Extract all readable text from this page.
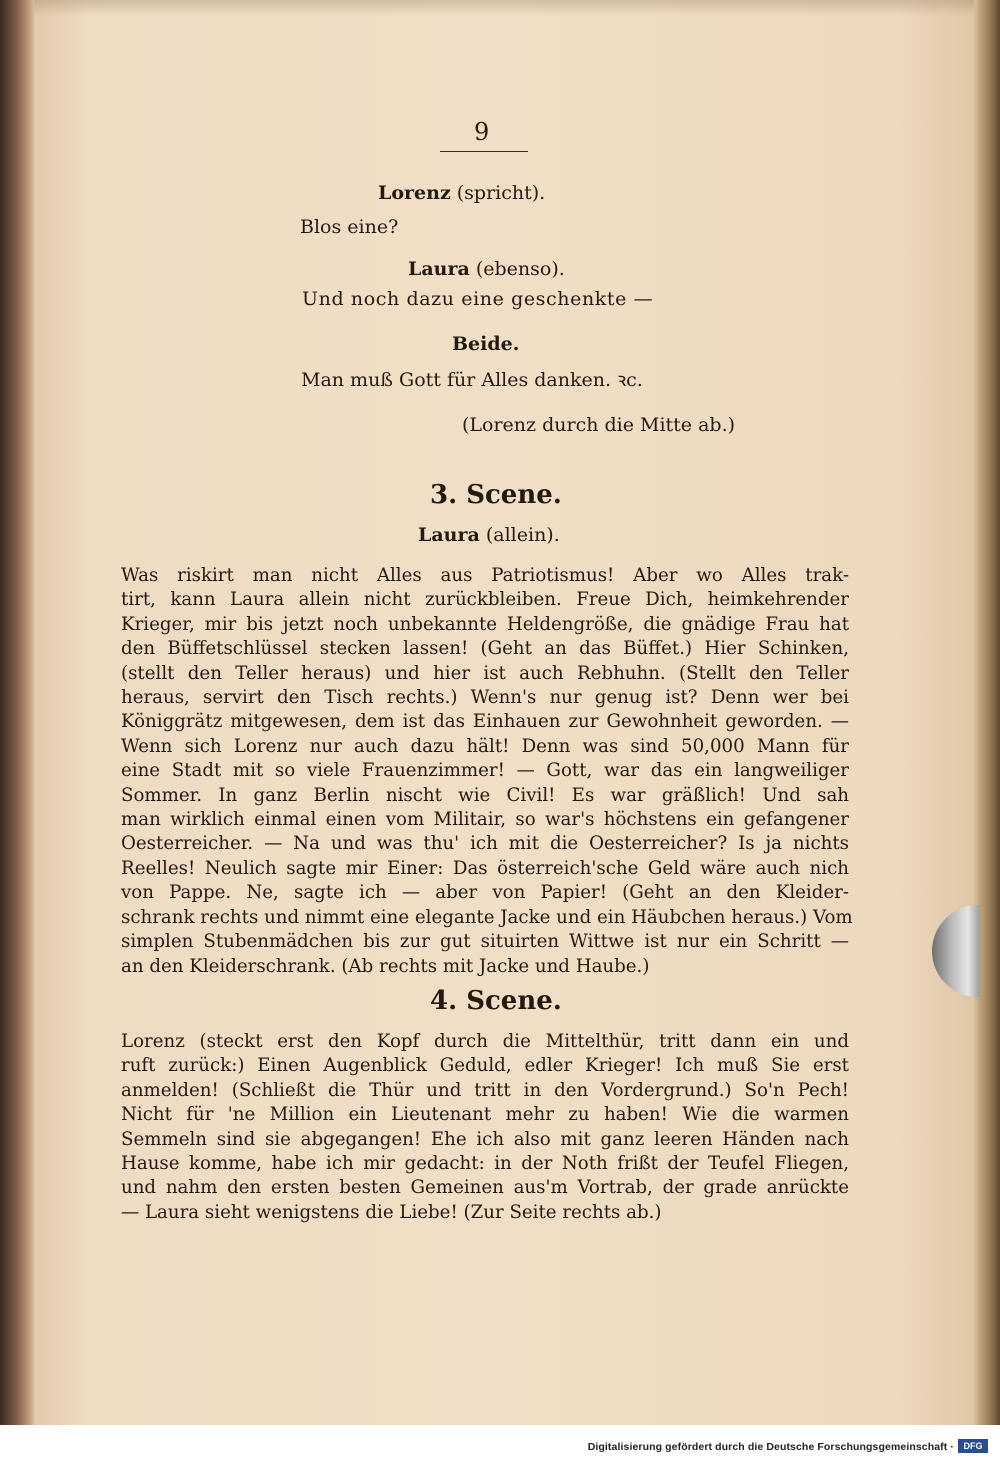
9
Lorenz (spricht).
Blos eine?
Laura (ebenso).
Und noch dazu eine geschenkte —
Beide.
Man muß Gott für Alles danken. ꝛc.
(Lorenz durch die Mitte ab.)
3. Scene.
Laura (allein).
Was riskirt man nicht Alles aus Patriotismus! Aber wo Alles trak-
tirt, kann Laura allein nicht zurückbleiben. Freue Dich, heimkehrender
Krieger, mir bis jetzt noch unbekannte Heldengröße, die gnädige Frau hat
den Büffetschlüssel stecken lassen! (Geht an das Büffet.) Hier Schinken,
(stellt den Teller heraus) und hier ist auch Rebhuhn. (Stellt den Teller
heraus, servirt den Tisch rechts.) Wenn's nur genug ist? Denn wer bei
Königgrätz mitgewesen, dem ist das Einhauen zur Gewohnheit geworden. —
Wenn sich Lorenz nur auch dazu hält! Denn was sind 50,000 Mann für
eine Stadt mit so viele Frauenzimmer! — Gott, war das ein langweiliger
Sommer. In ganz Berlin nischt wie Civil! Es war gräßlich! Und sah
man wirklich einmal einen vom Militair, so war's höchstens ein gefangener
Oesterreicher. — Na und was thu' ich mit die Oesterreicher? Is ja nichts
Reelles! Neulich sagte mir Einer: Das österreich'sche Geld wäre auch nich
von Pappe. Ne, sagte ich — aber von Papier! (Geht an den Kleider-
schrank rechts und nimmt eine elegante Jacke und ein Häubchen heraus.) Vom
simplen Stubenmädchen bis zur gut situirten Wittwe ist nur ein Schritt —
an den Kleiderschrank. (Ab rechts mit Jacke und Haube.)
4. Scene.
Lorenz (steckt erst den Kopf durch die Mittelthür, tritt dann ein und
ruft zurück:) Einen Augenblick Geduld, edler Krieger! Ich muß Sie erst
anmelden! (Schließt die Thür und tritt in den Vordergrund.) So'n Pech!
Nicht für 'ne Million ein Lieutenant mehr zu haben! Wie die warmen
Semmeln sind sie abgegangen! Ehe ich also mit ganz leeren Händen nach
Hause komme, habe ich mir gedacht: in der Noth frißt der Teufel Fliegen,
und nahm den ersten besten Gemeinen aus'm Vortrab, der grade anrückte
— Laura sieht wenigstens die Liebe! (Zur Seite rechts ab.)
Digitalisierung gefördert durch die Deutsche Forschungsgemeinschaft ·	DFG
